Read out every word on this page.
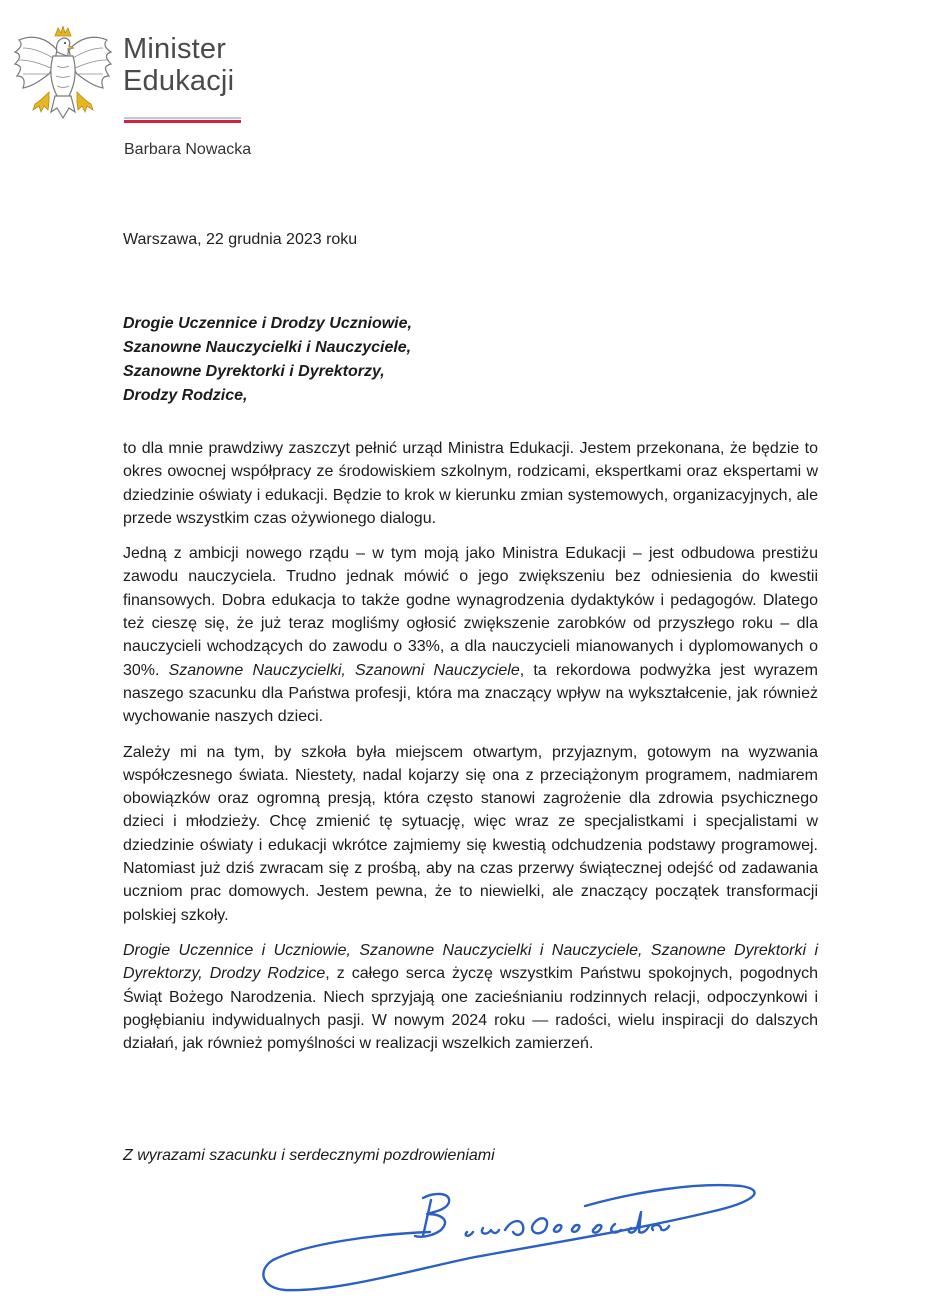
Minister
Edukacji
Barbara Nowacka
Warszawa, 22 grudnia 2023 roku
Drogie Uczennice i Drodzy Uczniowie,
Szanowne Nauczycielki i Nauczyciele,
Szanowne Dyrektorki i Dyrektorzy,
Drodzy Rodzice,

to dla mnie prawdziwy zaszczyt pełnić urząd Ministra Edukacji. Jestem przekonana, że będzie to okres owocnej współpracy ze środowiskiem szkolnym, rodzicami, ekspertkami oraz ekspertami w dziedzinie oświaty i edukacji. Będzie to krok w kierunku zmian systemowych, organizacyjnych, ale przede wszystkim czas ożywionego dialogu.

Jedną z ambicji nowego rządu – w tym moją jako Ministra Edukacji – jest odbudowa prestiżu zawodu nauczyciela. Trudno jednak mówić o jego zwiększeniu bez odniesienia do kwestii finansowych. Dobra edukacja to także godne wynagrodzenia dydaktyków i pedagogów. Dlatego też cieszę się, że już teraz mogliśmy ogłosić zwiększenie zarobków od przyszłego roku – dla nauczycieli wchodzących do zawodu o 33%, a dla nauczycieli mianowanych i dyplomowanych o 30%. Szanowne Nauczycielki, Szanowni Nauczyciele, ta rekordowa podwyżka jest wyrazem naszego szacunku dla Państwa profesji, która ma znaczący wpływ na wykształcenie, jak również wychowanie naszych dzieci.

Zależy mi na tym, by szkoła była miejscem otwartym, przyjaznym, gotowym na wyzwania współczesnego świata. Niestety, nadal kojarzy się ona z przeciążonym programem, nadmiarem obowiązków oraz ogromną presją, która często stanowi zagrożenie dla zdrowia psychicznego dzieci i młodzieży. Chcę zmienić tę sytuację, więc wraz ze specjalistkami i specjalistami w dziedzinie oświaty i edukacji wkrótce zajmiemy się kwestią odchudzenia podstawy programowej. Natomiast już dziś zwracam się z prośbą, aby na czas przerwy świątecznej odejść od zadawania uczniom prac domowych. Jestem pewna, że to niewielki, ale znaczący początek transformacji polskiej szkoły.

Drogie Uczennice i Uczniowie, Szanowne Nauczycielki i Nauczyciele, Szanowne Dyrektorki i Dyrektorzy, Drodzy Rodzice, z całego serca życzę wszystkim Państwu spokojnych, pogodnych Świąt Bożego Narodzenia. Niech sprzyjają one zacieśnianiu rodzinnych relacji, odpoczynkowi i pogłębianiu indywidualnych pasji. W nowym 2024 roku — radości, wielu inspiracji do dalszych działań, jak również pomyślności w realizacji wszelkich zamierzeń.

Z wyrazami szacunku i serdecznymi pozdrowieniami
